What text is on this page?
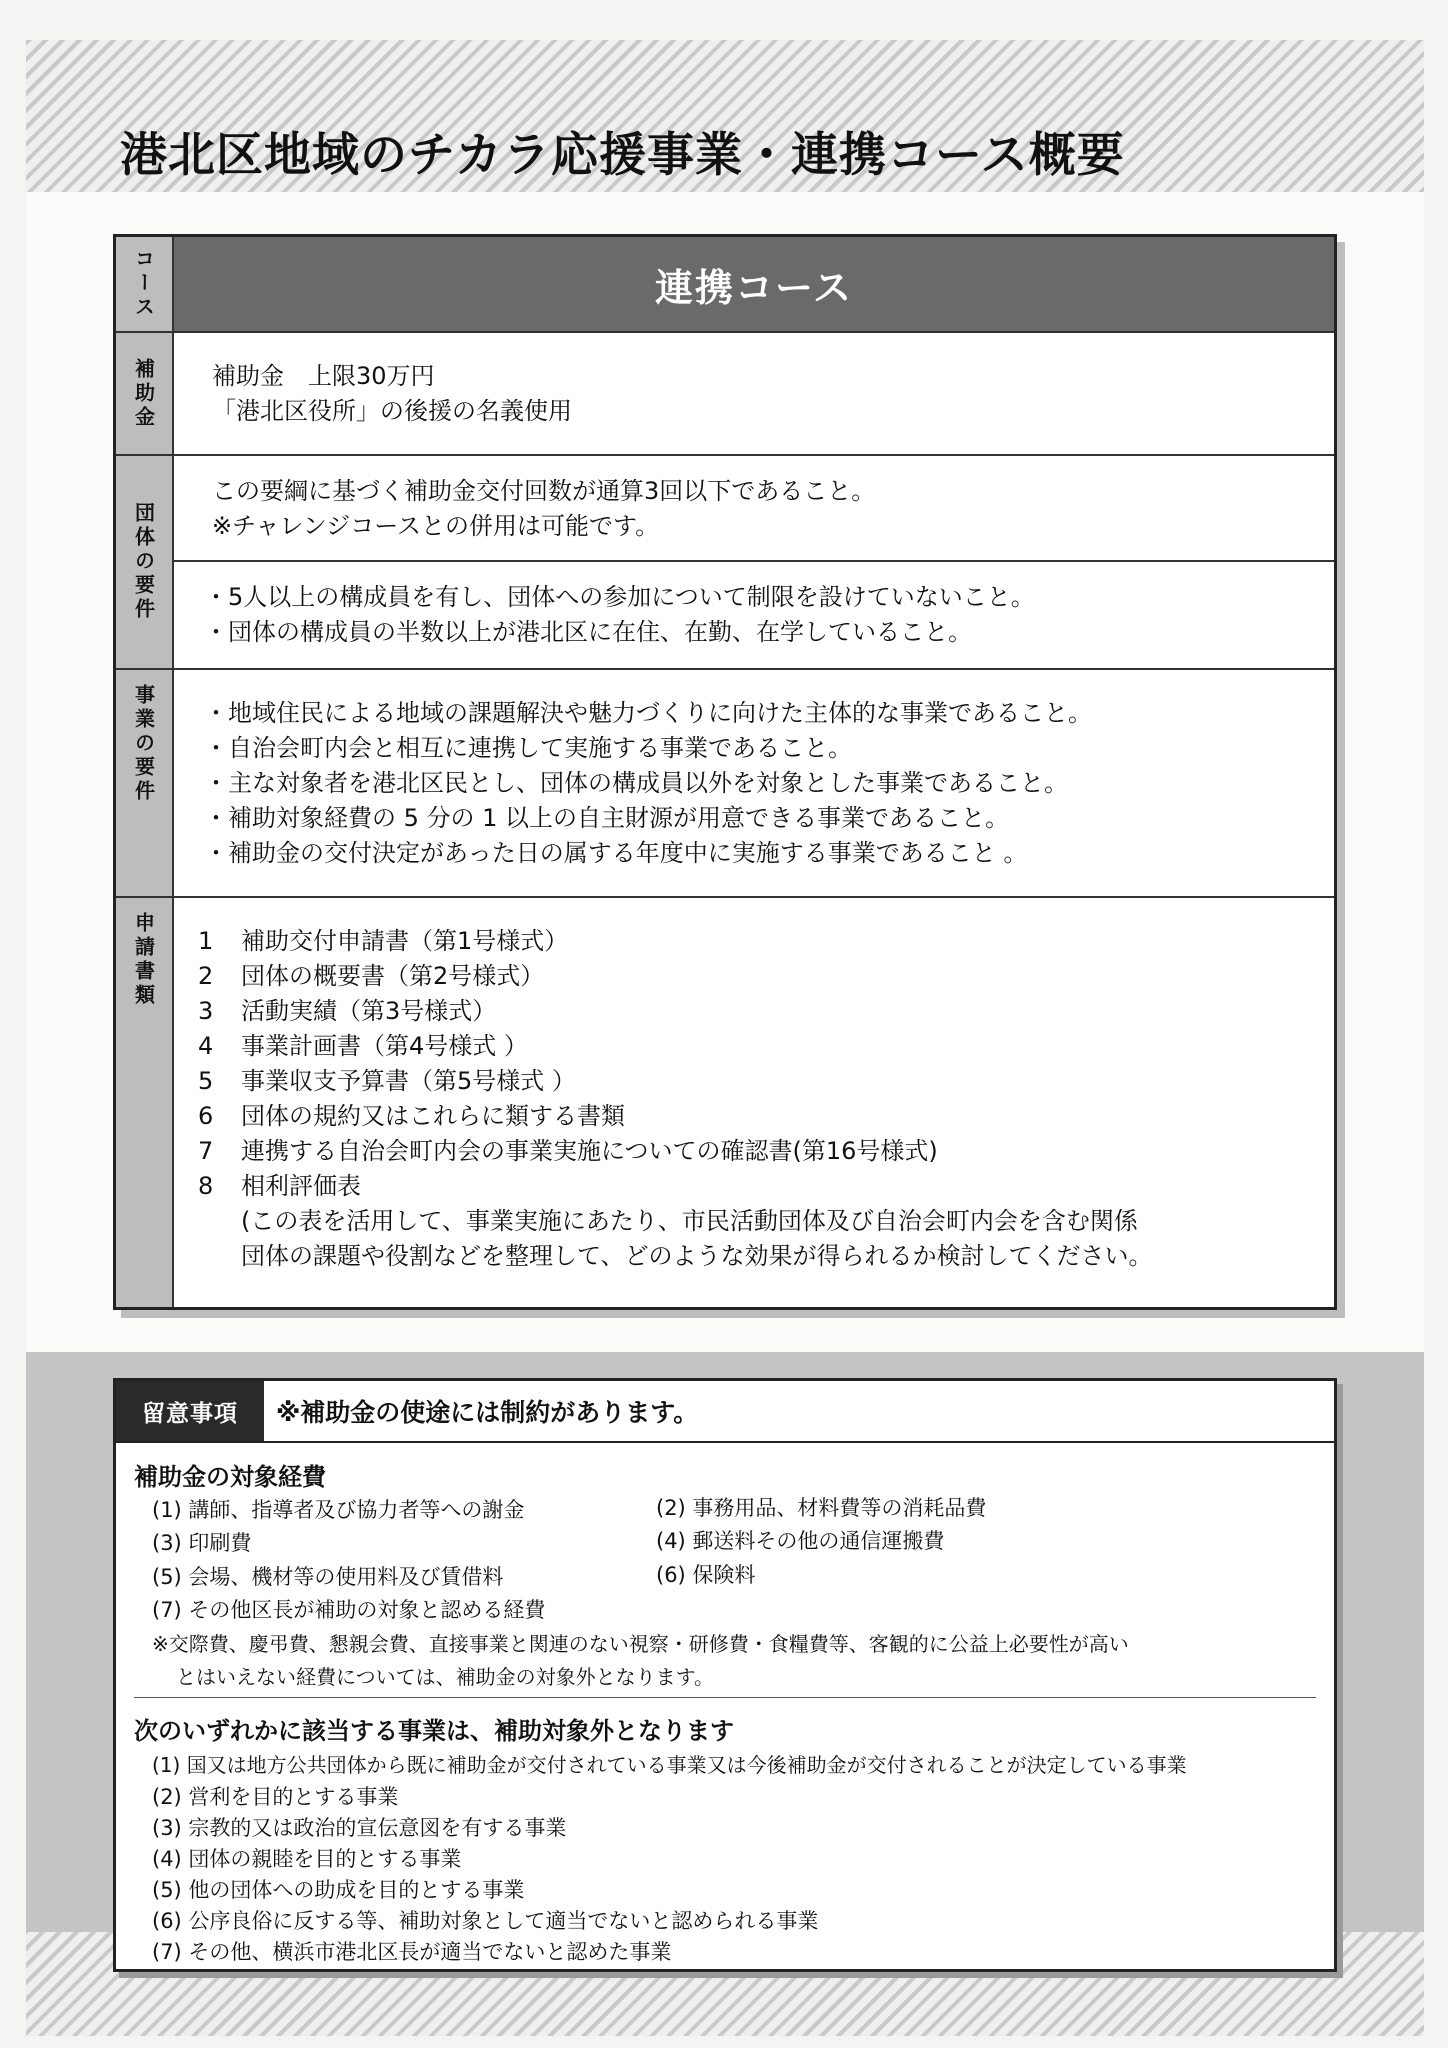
港北区地域のチカラ応援事業・連携コース概要
コース	連携コース
補助金 補助金　上限30万円
「港北区役所」の後援の名義使用
団体の要件
この要綱に基づく補助金交付回数が通算3回以下であること。
※チャレンジコースとの併用は可能です。
・5人以上の構成員を有し、団体への参加について制限を設けていないこと。
・団体の構成員の半数以上が港北区に在住、在勤、在学していること。
事業の要件 ・地域住民による地域の課題解決や魅力づくりに向けた主体的な事業であること。
・自治会町内会と相互に連携して実施する事業であること。
・主な対象者を港北区民とし、団体の構成員以外を対象とした事業であること。
・補助対象経費の 5 分の 1 以上の自主財源が用意できる事業であること。
・補助金の交付決定があった日の属する年度中に実施する事業であること 。
申請書類 1 補助交付申請書（第1号様式）
2 団体の概要書（第2号様式）
3 活動実績（第3号様式）
4 事業計画書（第4号様式 ）
5 事業収支予算書（第5号様式 ）
6 団体の規約又はこれらに類する書類
7 連携する自治会町内会の事業実施についての確認書(第16号様式)
8 相利評価表
(この表を活用して、事業実施にあたり、市民活動団体及び自治会町内会を含む関係
団体の課題や役割などを整理して、どのような効果が得られるか検討してください。
留意事項	※補助金の使途には制約があります。
補助金の対象経費
(1) 講師、指導者及び協力者等への謝金
(3) 印刷費
(5) 会場、機材等の使用料及び賃借料
(7) その他区長が補助の対象と認める経費
(2) 事務用品、材料費等の消耗品費
(4) 郵送料その他の通信運搬費
(6) 保険料
※交際費、慶弔費、懇親会費、直接事業と関連のない視察・研修費・食糧費等、客観的に公益上必要性が高い
とはいえない経費については、補助金の対象外となります。
次のいずれかに該当する事業は、補助対象外となります
(1) 国又は地方公共団体から既に補助金が交付されている事業又は今後補助金が交付されることが決定している事業
(2) 営利を目的とする事業
(3) 宗教的又は政治的宣伝意図を有する事業
(4) 団体の親睦を目的とする事業
(5) 他の団体への助成を目的とする事業
(6) 公序良俗に反する等、補助対象として適当でないと認められる事業
(7) その他、横浜市港北区長が適当でないと認めた事業
